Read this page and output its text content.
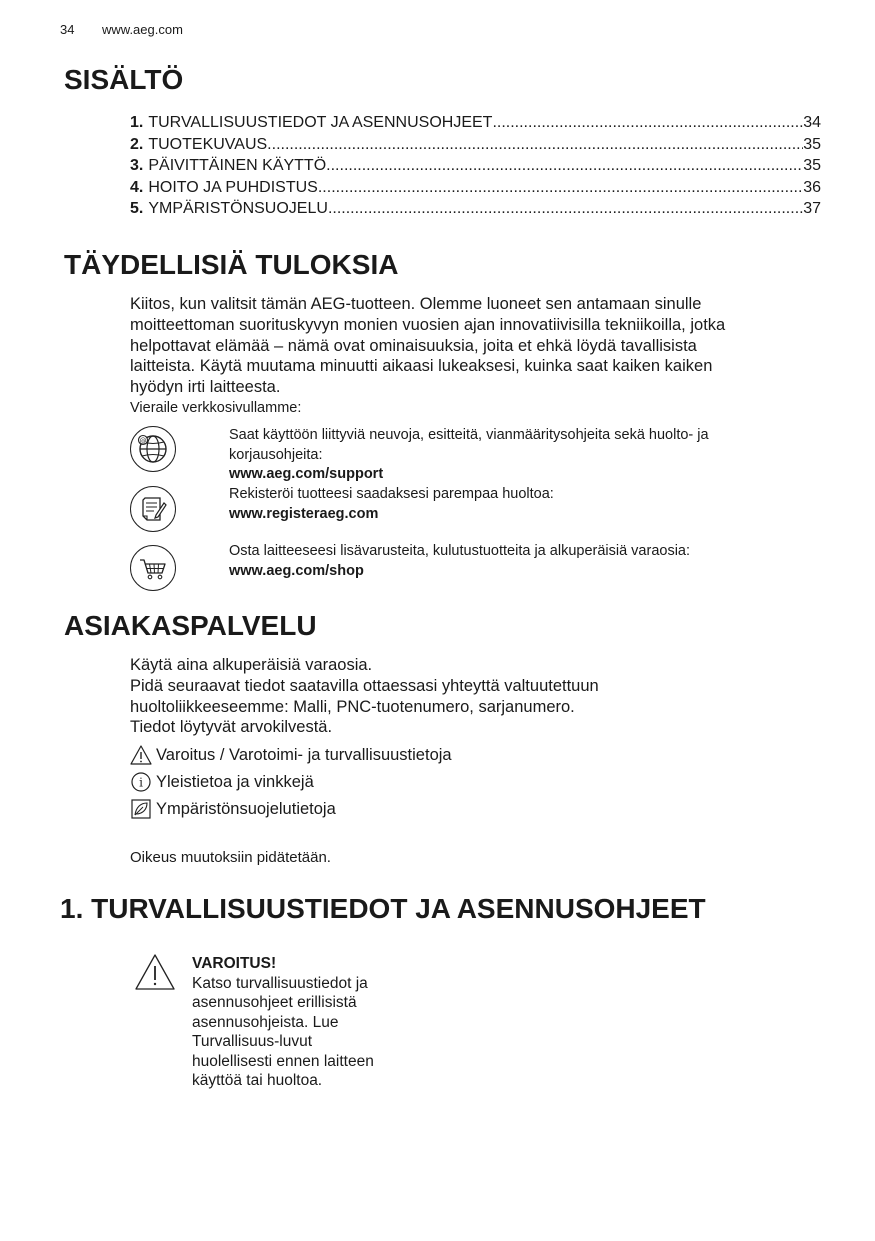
34 www.aeg.com
SISÄLTÖ
1. TURVALLISUUSTIEDOT JA ASENNUSOHJEET .....	34
2. TUOTEKUVAUS .....	35
3. PÄIVITTÄINEN KÄYTTÖ .....	35
4. HOITO JA PUHDISTUS .....	36
5. YMPÄRISTÖNSUOJELU .....	37
TÄYDELLISIÄ TULOKSIA
Kiitos, kun valitsit tämän AEG-tuotteen. Olemme luoneet sen antamaan sinulle
moitteettoman suorituskyvyn monien vuosien ajan innovatiivisilla tekniikoilla, jotka
helpottavat elämää – nämä ovat ominaisuuksia, joita et ehkä löydä tavallisista
laitteista. Käytä muutama minuutti aikaasi lukeaksesi, kuinka saat kaiken kaiken
hyödyn irti laitteesta.
Vieraile verkkosivullamme:
@	Saat käyttöön liittyviä neuvoja, esitteitä, vianmääritysohjeita sekä huolto- ja
korjausohjeita:
www.aeg.com/support
Rekisteröi tuotteesi saadaksesi parempaa huoltoa:
www.registeraeg.com
Osta laitteeseesi lisävarusteita, kulutustuotteita ja alkuperäisiä varaosia:
www.aeg.com/shop
ASIAKASPALVELU
Käytä aina alkuperäisiä varaosia.
Pidä seuraavat tiedot saatavilla ottaessasi yhteyttä valtuutettuun
huoltoliikkeeseemme: Malli, PNC-tuotenumero, sarjanumero.
Tiedot löytyvät arvokilvestä.
Varoitus / Varotoimi- ja turvallisuustietoja
i Yleistietoa ja vinkkejä
Ympäristönsuojelutietoja
Oikeus muutoksiin pidätetään.
1. TURVALLISUUSTIEDOT JA ASENNUSOHJEET
VAROITUS!
Katso turvallisuustiedot ja
asennusohjeet erillisistä
asennusohjeista. Lue
Turvallisuus-luvut
huolellisesti ennen laitteen
käyttöä tai huoltoa.
